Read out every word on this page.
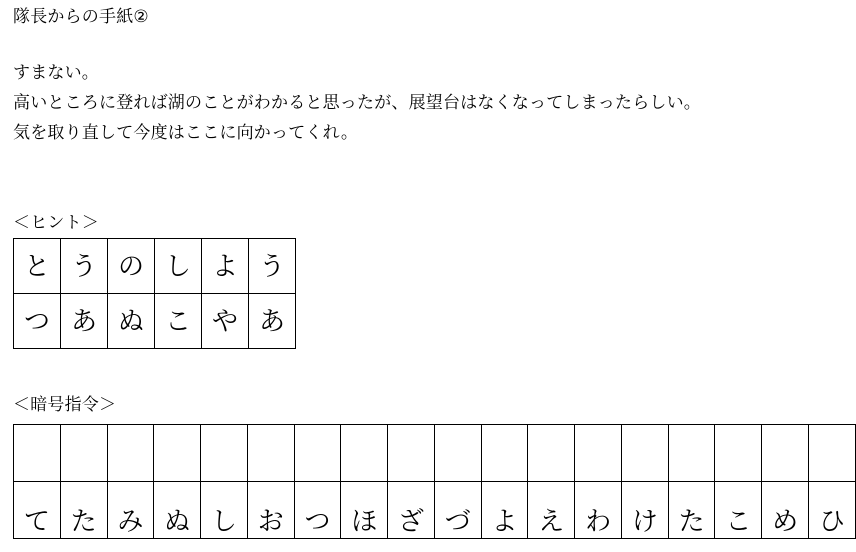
隊長からの手紙②
すまない。
高いところに登れば湖のことがわかると思ったが、展望台はなくなってしまったらしい。
気を取り直して今度はここに向かってくれ。
＜ヒント＞
と	う	の	し	よ	う
つ	あ	ぬ	こ	や	あ
＜暗号指令＞

て	た	み	ぬ	し	お	つ	ほ	ざ	づ	よ	え	わ	け	た	こ	め	ひ
